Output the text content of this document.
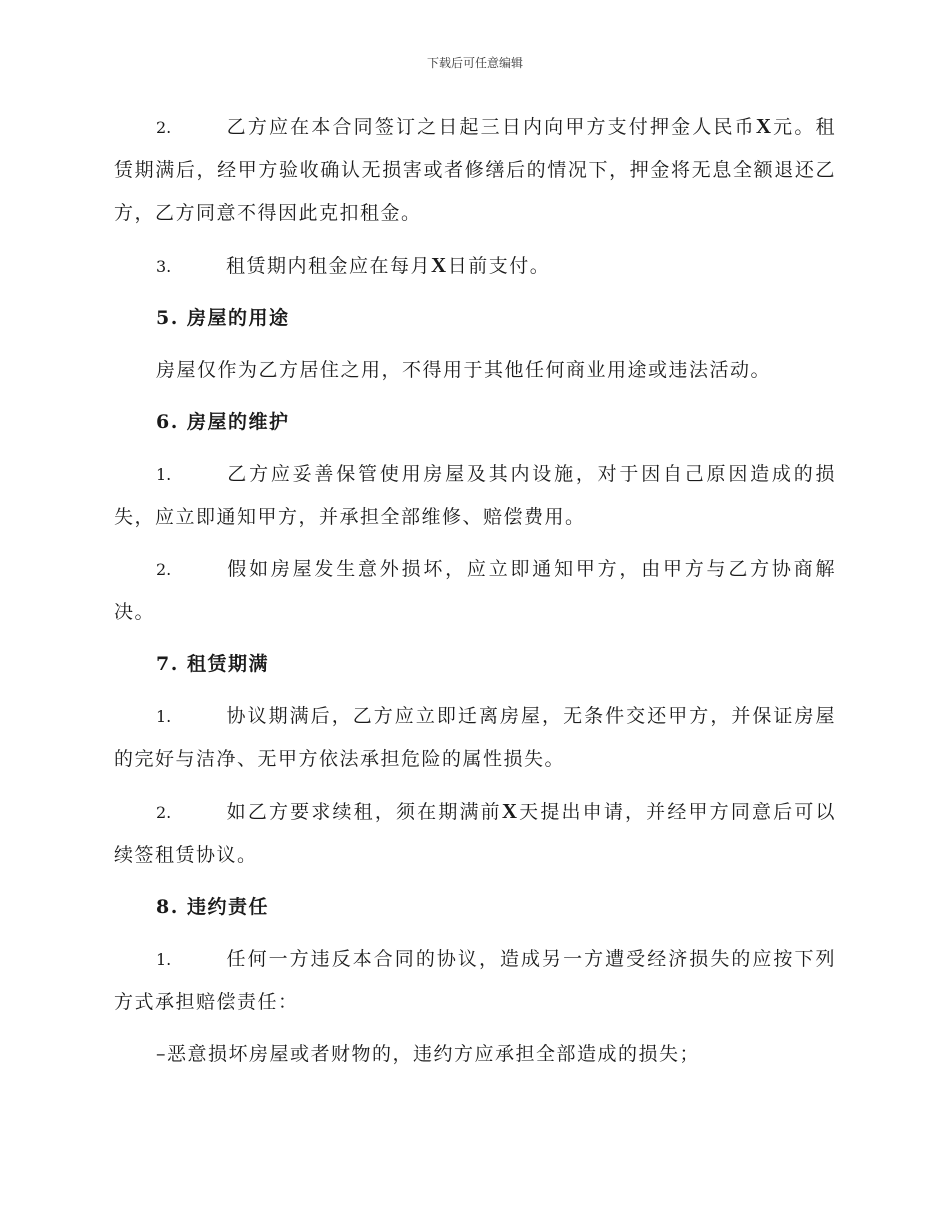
下载后可任意编辑

2.	乙方应在本合同签订之日起三日内向甲方支付押金人民币X元。租赁期满后，经甲方验收确认无损害或者修缮后的情况下，押金将无息全额退还乙方，乙方同意不得因此克扣租金。

3.	租赁期内租金应在每月X日前支付。

5. 房屋的用途

房屋仅作为乙方居住之用，不得用于其他任何商业用途或违法活动。

6. 房屋的维护

1.	乙方应妥善保管使用房屋及其内设施，对于因自己原因造成的损失，应立即通知甲方，并承担全部维修、赔偿费用。

2.	假如房屋发生意外损坏，应立即通知甲方，由甲方与乙方协商解决。

7. 租赁期满

1.	协议期满后，乙方应立即迁离房屋，无条件交还甲方，并保证房屋的完好与洁净、无甲方依法承担危险的属性损失。

2.	如乙方要求续租，须在期满前X天提出申请，并经甲方同意后可以续签租赁协议。

8. 违约责任

1.	任何一方违反本合同的协议，造成另一方遭受经济损失的应按下列方式承担赔偿责任：

–恶意损坏房屋或者财物的，违约方应承担全部造成的损失；
